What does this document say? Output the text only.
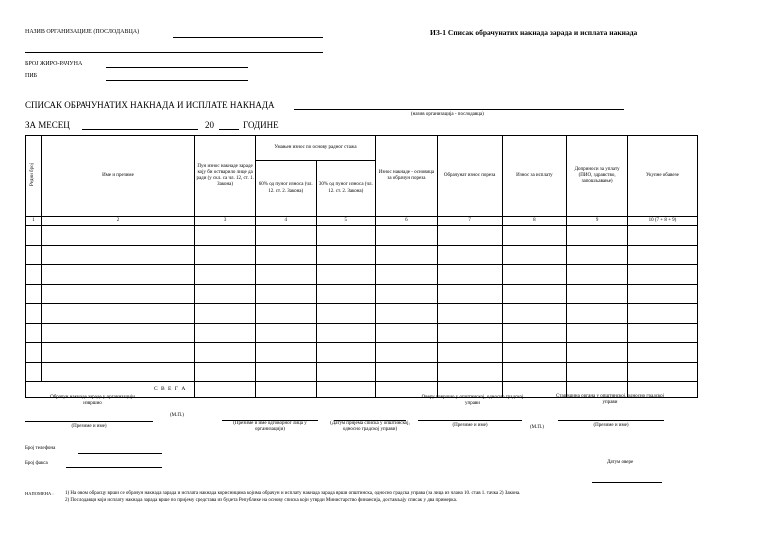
НАЗИВ ОРГАНИЗАЦИЈЕ (ПОСЛОДАВЦА)	ИЗ-1 Списак обрачунатих накнада зарада и исплата накнада
БРОЈ ЖИРО-РАЧУНА
ПИБ
СПИСАК ОБРАЧУНАТИХ НАКНАДА И ИСПЛАТЕ НАКНАДА
(назив организација - послодавца)
ЗА МЕСЕЦ	20	ГОДИНЕ
Редни број	Име и презиме	Пун износ накнаде зараде коју би остварило лице да ради (у скл. са чл. 12, ст. 1. Закона)	Умањен износ по основу радног стажа		Износ накнаде - основица за обрачун пореза	Обрачунат износ пореза	Износ за исплату	Доприноси за уплату (ПИО, здравство, запошљавање)	Укупне обавезе
			60% од пуног износа (чл. 12. ст. 2. Закона)	30% од пуног износа (чл. 12. ст. 2. Закона)					
1	2	3	4	5	6	7	8	9	10 (7 + 8 + 9)

С В Е Г А									
Обрачун накнаде зараде у организацији извршио
(М.П.)
(Презиме и име)
(Презиме и име одговорног лица у организацији)
(Датум пријема списка у општинској, односно градској управи)
Оверу извршио у општинској, односно градској управи
(Презиме и име)	(М.П.)
Старешина органа у општинској, односно градској управи
(Презиме и име)
Број телефона
Број факса	Датум овере
НАПОМЕНА : 1) На овом обрасцу врши се обрачун накнада зарада и исплата накнада корисницима којима обрачун и исплату накнада зарада врши општинска, односно градска управа (за лица из члана 10. став 1. тачка 2) Закона.
2) Послодавци који исплату накнада зарада врше по пријему средстава из буџета Републике на основу списка који утврди Министарство финансија, достављају списак у два примерка.
